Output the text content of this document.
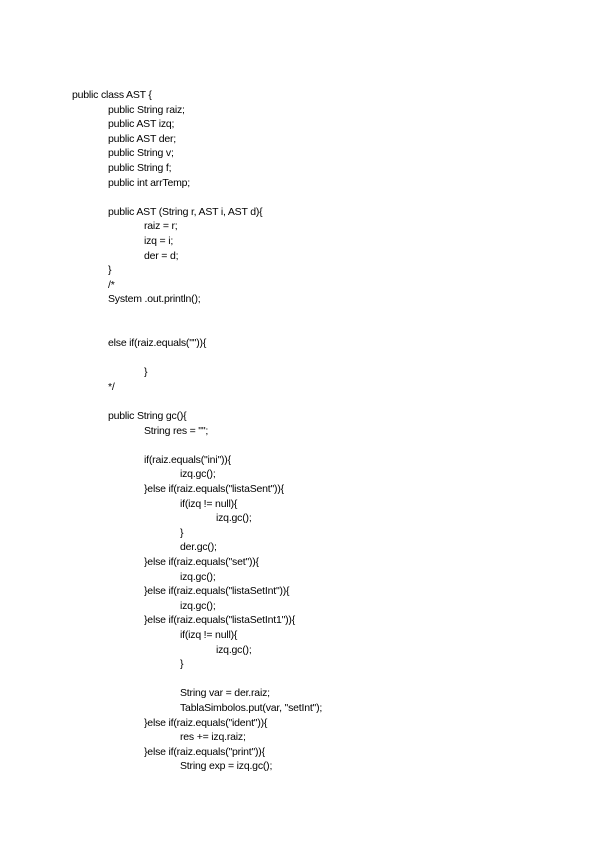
public class AST {
public String raiz;
public AST izq;
public AST der;
public String v;
public String f;
public int arrTemp;
public AST (String r, AST i, AST d){
raiz = r;
izq = i;
der = d;
}
/*
System .out.println();
else if(raiz.equals("")){
}
*/
public String gc(){
String res = "";
if(raiz.equals("ini")){
izq.gc();
}else if(raiz.equals("listaSent")){
if(izq != null){
izq.gc();
}
der.gc();
}else if(raiz.equals("set")){
izq.gc();
}else if(raiz.equals("listaSetInt")){
izq.gc();
}else if(raiz.equals("listaSetInt1")){
if(izq != null){
izq.gc();
}
String var = der.raiz;
TablaSimbolos.put(var, "setInt");
}else if(raiz.equals("ident")){
res += izq.raiz;
}else if(raiz.equals("print")){
String exp = izq.gc();
